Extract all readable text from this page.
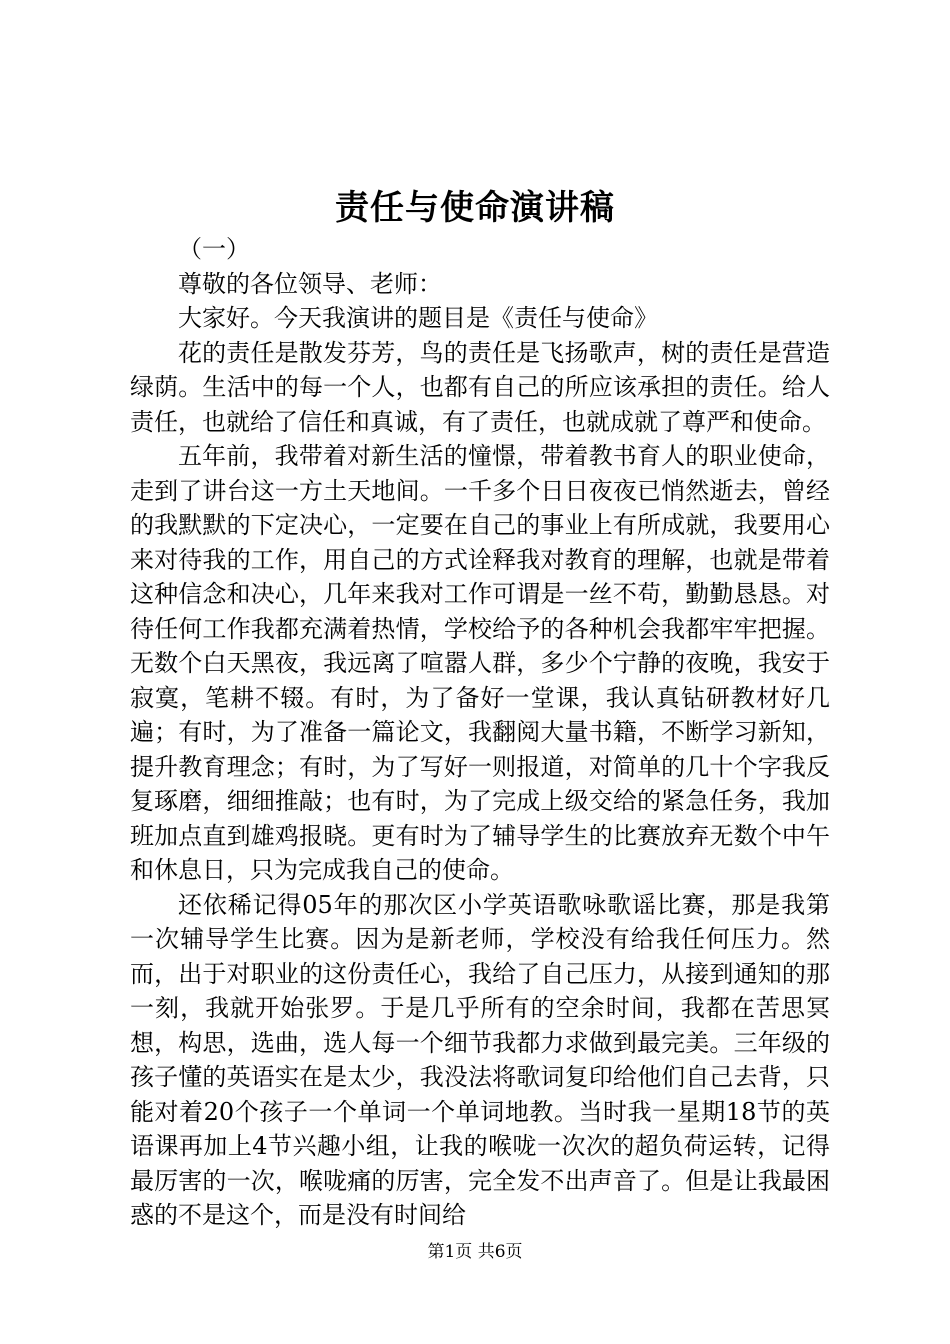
责任与使命演讲稿

（一）

尊敬的各位领导、老师：

大家好。今天我演讲的题目是《责任与使命》

花的责任是散发芬芳，鸟的责任是飞扬歌声，树的责任是营造绿荫。生活中的每一个人，也都有自己的所应该承担的责任。给人责任，也就给了信任和真诚，有了责任，也就成就了尊严和使命。

五年前，我带着对新生活的憧憬，带着教书育人的职业使命，走到了讲台这一方土天地间。一千多个日日夜夜已悄然逝去，曾经的我默默的下定决心，一定要在自己的事业上有所成就，我要用心来对待我的工作，用自己的方式诠释我对教育的理解，也就是带着这种信念和决心，几年来我对工作可谓是一丝不苟，勤勤恳恳。对待任何工作我都充满着热情，学校给予的各种机会我都牢牢把握。无数个白天黑夜，我远离了喧嚣人群，多少个宁静的夜晚，我安于寂寞，笔耕不辍。有时，为了备好一堂课，我认真钻研教材好几遍；有时，为了准备一篇论文，我翻阅大量书籍，不断学习新知，提升教育理念；有时，为了写好一则报道，对简单的几十个字我反复琢磨，细细推敲；也有时，为了完成上级交给的紧急任务，我加班加点直到雄鸡报晓。更有时为了辅导学生的比赛放弃无数个中午和休息日，只为完成我自己的使命。

还依稀记得05年的那次区小学英语歌咏歌谣比赛，那是我第一次辅导学生比赛。因为是新老师，学校没有给我任何压力。然而，出于对职业的这份责任心，我给了自己压力，从接到通知的那一刻，我就开始张罗。于是几乎所有的空余时间，我都在苦思冥想，构思，选曲，选人每一个细节我都力求做到最完美。三年级的孩子懂的英语实在是太少，我没法将歌词复印给他们自己去背，只能对着20个孩子一个单词一个单词地教。当时我一星期18节的英语课再加上4节兴趣小组，让我的喉咙一次次的超负荷运转，记得最厉害的一次，喉咙痛的厉害，完全发不出声音了。但是让我最困惑的不是这个，而是没有时间给

第1页 共6页
